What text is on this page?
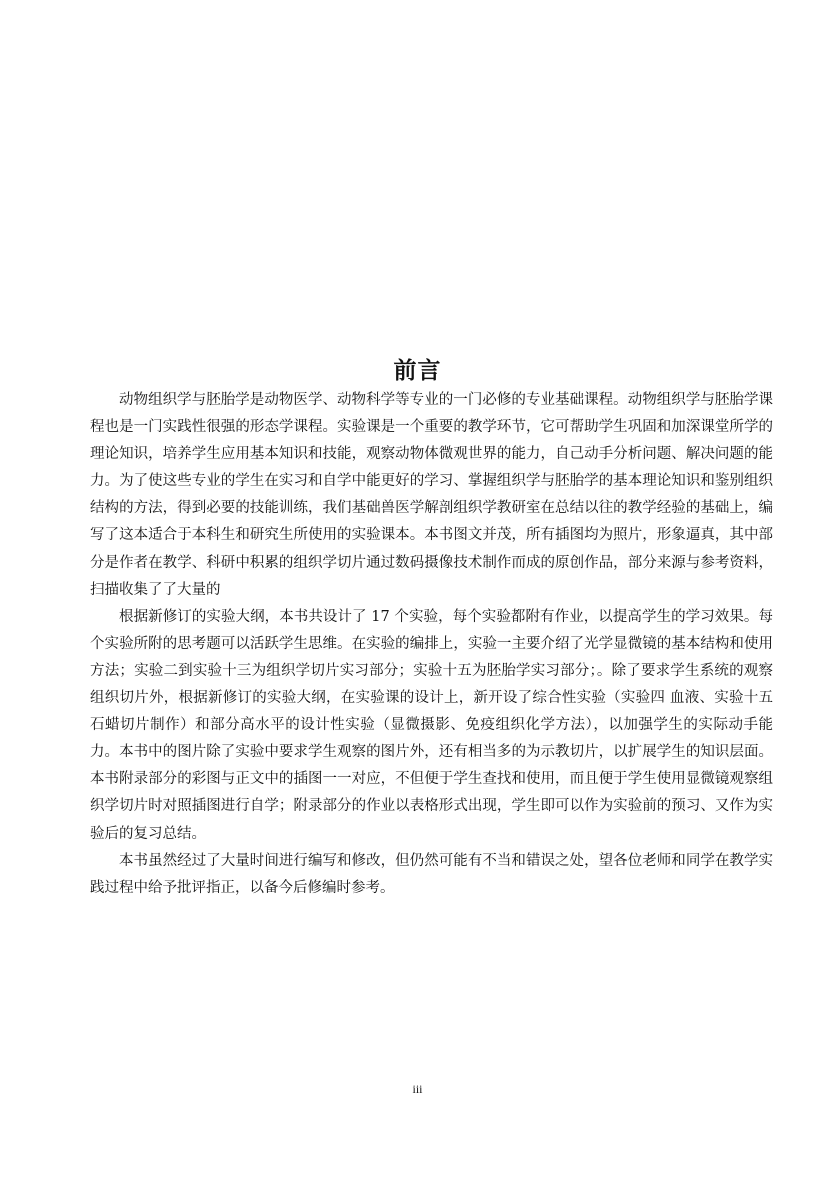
前言

动物组织学与胚胎学是动物医学、动物科学等专业的一门必修的专业基础课程。动物组织学与胚胎学课程也是一门实践性很强的形态学课程。实验课是一个重要的教学环节，它可帮助学生巩固和加深课堂所学的理论知识，培养学生应用基本知识和技能，观察动物体微观世界的能力，自己动手分析问题、解决问题的能力。为了使这些专业的学生在实习和自学中能更好的学习、掌握组织学与胚胎学的基本理论知识和鉴别组织结构的方法，得到必要的技能训练，我们基础兽医学解剖组织学教研室在总结以往的教学经验的基础上，编写了这本适合于本科生和研究生所使用的实验课本。本书图文并茂，所有插图均为照片，形象逼真，其中部分是作者在教学、科研中积累的组织学切片通过数码摄像技术制作而成的原创作品，部分来源与参考资料，扫描收集了了大量的

根据新修订的实验大纲，本书共设计了 17 个实验，每个实验都附有作业，以提高学生的学习效果。每个实验所附的思考题可以活跃学生思维。在实验的编排上，实验一主要介绍了光学显微镜的基本结构和使用方法；实验二到实验十三为组织学切片实习部分；实验十五为胚胎学实习部分；。除了要求学生系统的观察组织切片外，根据新修订的实验大纲，在实验课的设计上，新开设了综合性实验（实验四 血液、实验十五石蜡切片制作）和部分高水平的设计性实验（显微摄影、免疫组织化学方法），以加强学生的实际动手能力。本书中的图片除了实验中要求学生观察的图片外，还有相当多的为示教切片，以扩展学生的知识层面。本书附录部分的彩图与正文中的插图一一对应，不但便于学生查找和使用，而且便于学生使用显微镜观察组织学切片时对照插图进行自学；附录部分的作业以表格形式出现，学生即可以作为实验前的预习、又作为实验后的复习总结。

本书虽然经过了大量时间进行编写和修改，但仍然可能有不当和错误之处，望各位老师和同学在教学实践过程中给予批评指正，以备今后修编时参考。

iii
